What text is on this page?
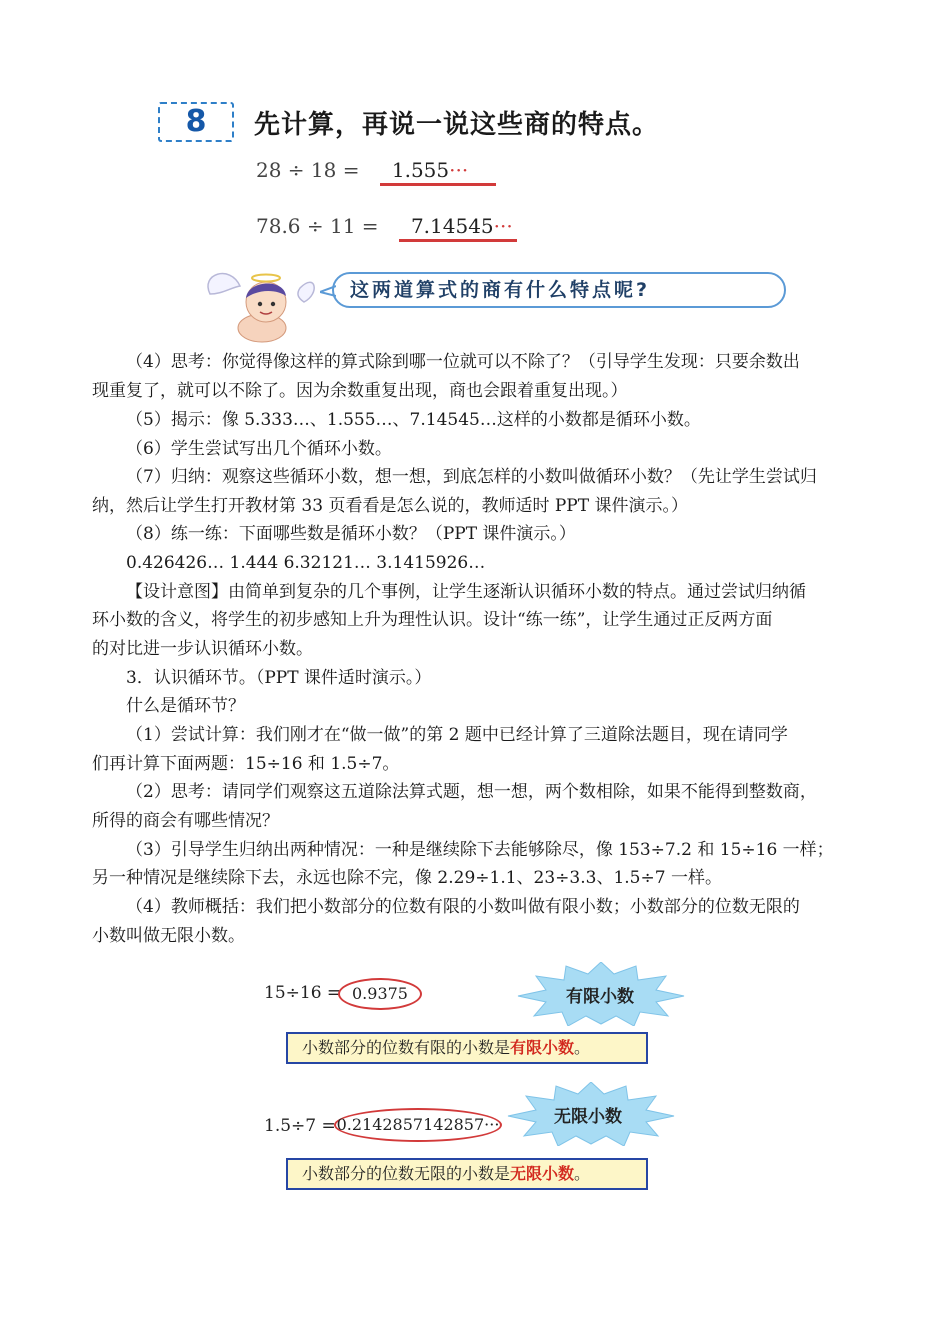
8	先计算，再说一说这些商的特点。
28 ÷ 18 = 1.555···
78.6 ÷ 11 = 7.14545···
这两道算式的商有什么特点呢?
（4）思考：你觉得像这样的算式除到哪一位就可以不除了？（引导学生发现：只要余数出
现重复了，就可以不除了。因为余数重复出现，商也会跟着重复出现。）
（5）揭示：像 5.333…、1.555…、7.14545…这样的小数都是循环小数。
（6）学生尝试写出几个循环小数。
（7）归纳：观察这些循环小数，想一想，到底怎样的小数叫做循环小数？（先让学生尝试归
纳，然后让学生打开教材第 33 页看看是怎么说的，教师适时 PPT 课件演示。）
（8）练一练：下面哪些数是循环小数？（PPT 课件演示。）
0.426426… 1.444 6.32121… 3.1415926…
【设计意图】由简单到复杂的几个事例，让学生逐渐认识循环小数的特点。通过尝试归纳循
环小数的含义，将学生的初步感知上升为理性认识。设计“练一练”，让学生通过正反两方面
的对比进一步认识循环小数。
3．认识循环节。（PPT 课件适时演示。）
什么是循环节？
（1）尝试计算：我们刚才在“做一做”的第 2 题中已经计算了三道除法题目，现在请同学
们再计算下面两题：15÷16 和 1.5÷7。
（2）思考：请同学们观察这五道除法算式题，想一想，两个数相除，如果不能得到整数商，
所得的商会有哪些情况？
（3）引导学生归纳出两种情况：一种是继续除下去能够除尽，像 153÷7.2 和 15÷16 一样；
另一种情况是继续除下去，永远也除不完，像 2.29÷1.1、23÷3.3、1.5÷7 一样。
（4）教师概括：我们把小数部分的位数有限的小数叫做有限小数；小数部分的位数无限的
小数叫做无限小数。
15÷16 = 0.9375	有限小数
小数部分的位数有限的小数是有限小数。
1.5÷7 = 0.2142857142857···	无限小数
小数部分的位数无限的小数是无限小数。
